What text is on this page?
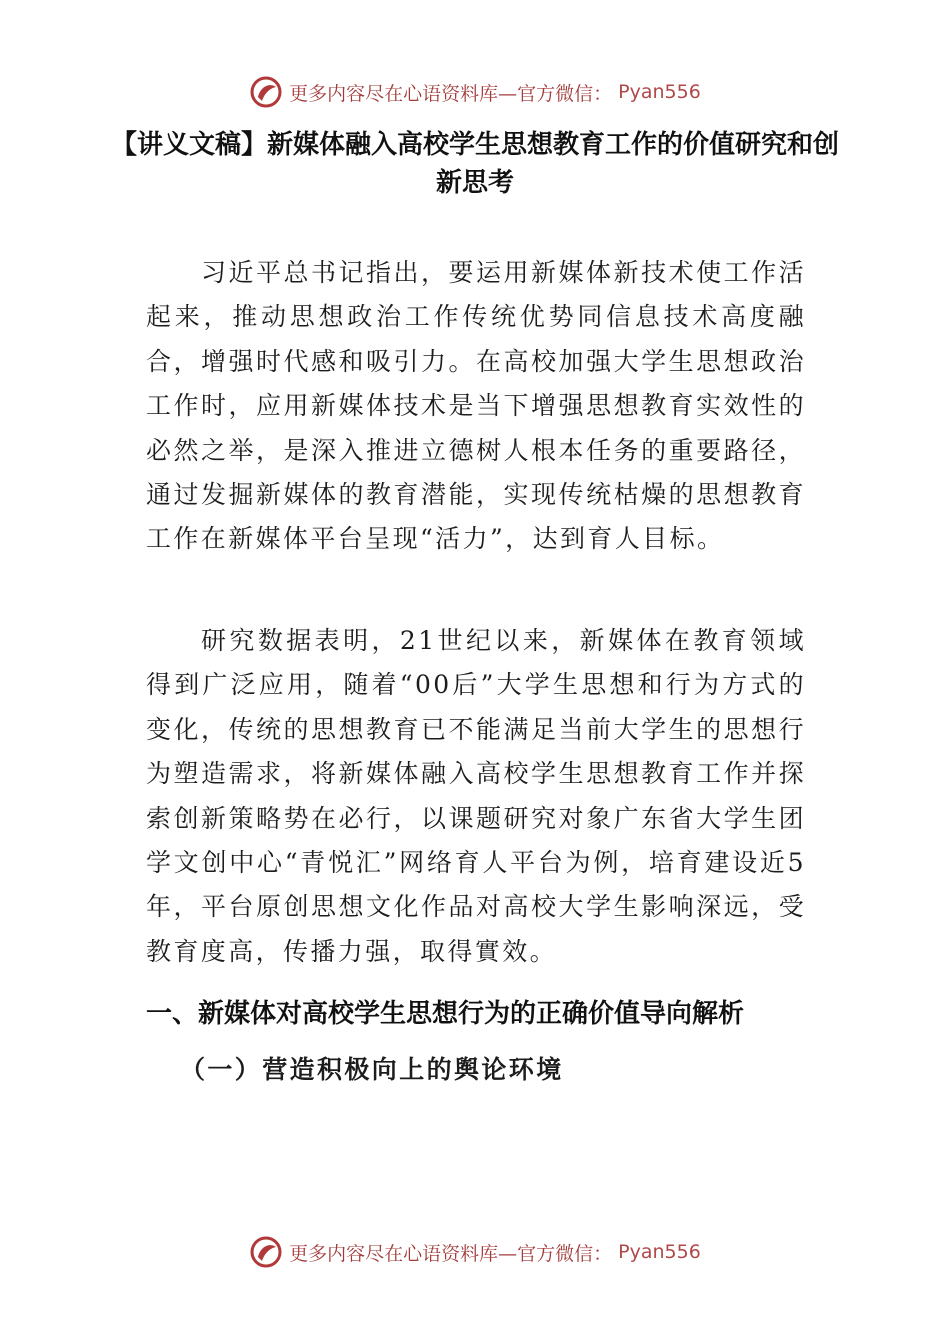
更多内容尽在心语资料库—官方微信： Pyan556
【讲义文稿】新媒体融入高校学生思想教育工作的价值研究和创新思考

习近平总书记指出，要运用新媒体新技术使工作活起来，推动思想政治工作传统优势同信息技术高度融合，增强时代感和吸引力。在高校加强大学生思想政治工作时，应用新媒体技术是当下增强思想教育实效性的必然之举，是深入推进立德树人根本任务的重要路径，通过发掘新媒体的教育潜能，实现传统枯燥的思想教育工作在新媒体平台呈现“活力”，达到育人目标。

研究数据表明，21世纪以来，新媒体在教育领域得到广泛应用，随着“00后”大学生思想和行为方式的变化，传统的思想教育已不能满足当前大学生的思想行为塑造需求，将新媒体融入高校学生思想教育工作并探索创新策略势在必行，以课题研究对象广东省大学生团学文创中心“青悦汇”网络育人平台为例，培育建设近5年，平台原创思想文化作品对高校大学生影响深远，受教育度高，传播力强，取得實效。

一、新媒体对高校学生思想行为的正确价值导向解析
（一）营造积极向上的舆论环境
更多内容尽在心语资料库—官方微信： Pyan556
